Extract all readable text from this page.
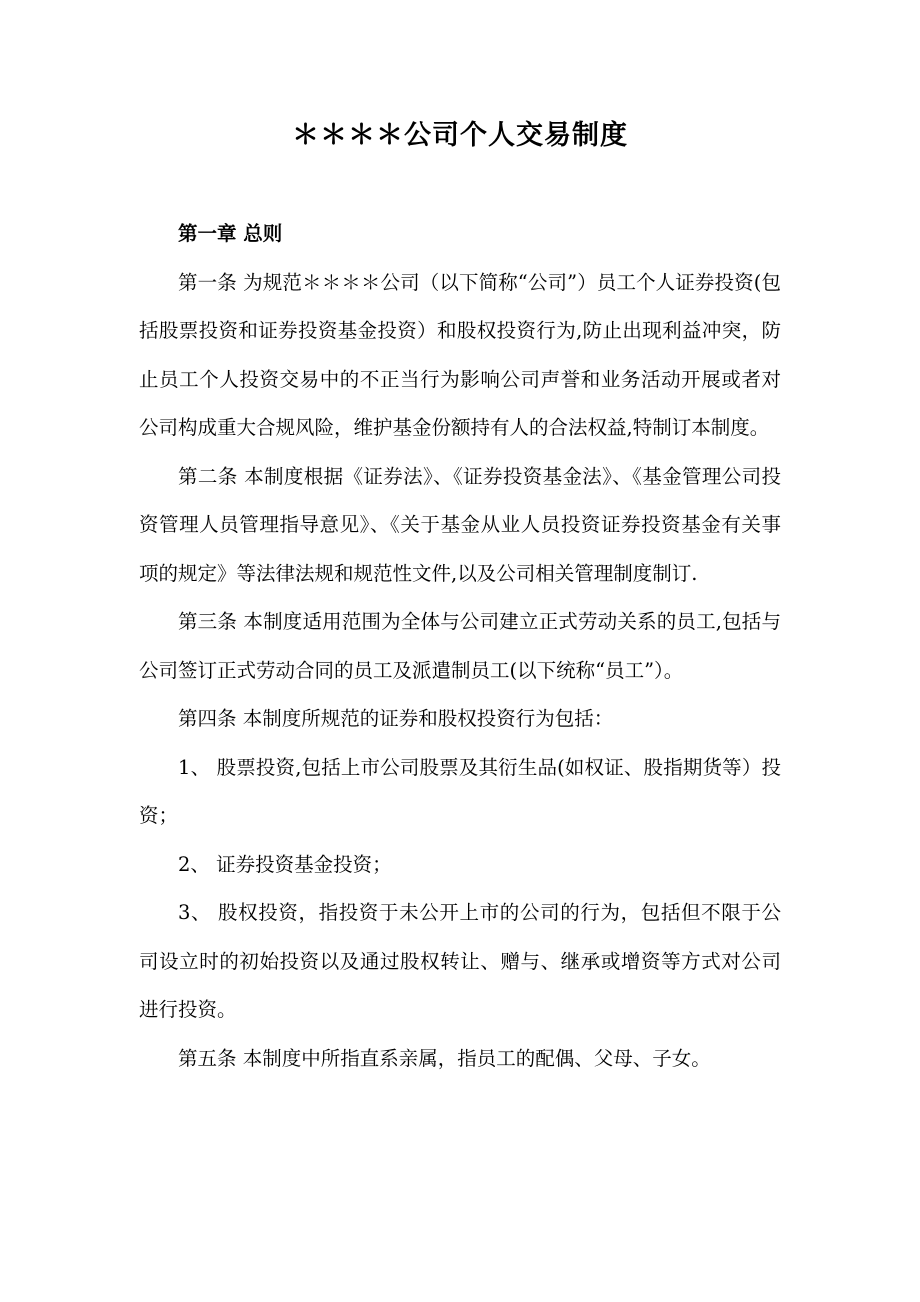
＊＊＊＊公司个人交易制度

第一章 总则

第一条 为规范＊＊＊＊公司（以下简称“公司”）员工个人证券投资(包括股票投资和证券投资基金投资）和股权投资行为,防止出现利益冲突，防止员工个人投资交易中的不正当行为影响公司声誉和业务活动开展或者对公司构成重大合规风险，维护基金份额持有人的合法权益,特制订本制度。

第二条 本制度根据《证券法》、《证券投资基金法》、《基金管理公司投资管理人员管理指导意见》、《关于基金从业人员投资证券投资基金有关事项的规定》等法律法规和规范性文件,以及公司相关管理制度制订.

第三条 本制度适用范围为全体与公司建立正式劳动关系的员工,包括与公司签订正式劳动合同的员工及派遣制员工(以下统称“员工”）。

第四条 本制度所规范的证券和股权投资行为包括：

1、 股票投资,包括上市公司股票及其衍生品(如权证、股指期货等）投资；

2、 证券投资基金投资；

3、 股权投资，指投资于未公开上市的公司的行为，包括但不限于公司设立时的初始投资以及通过股权转让、赠与、继承或增资等方式对公司进行投资。

第五条 本制度中所指直系亲属，指员工的配偶、父母、子女。
